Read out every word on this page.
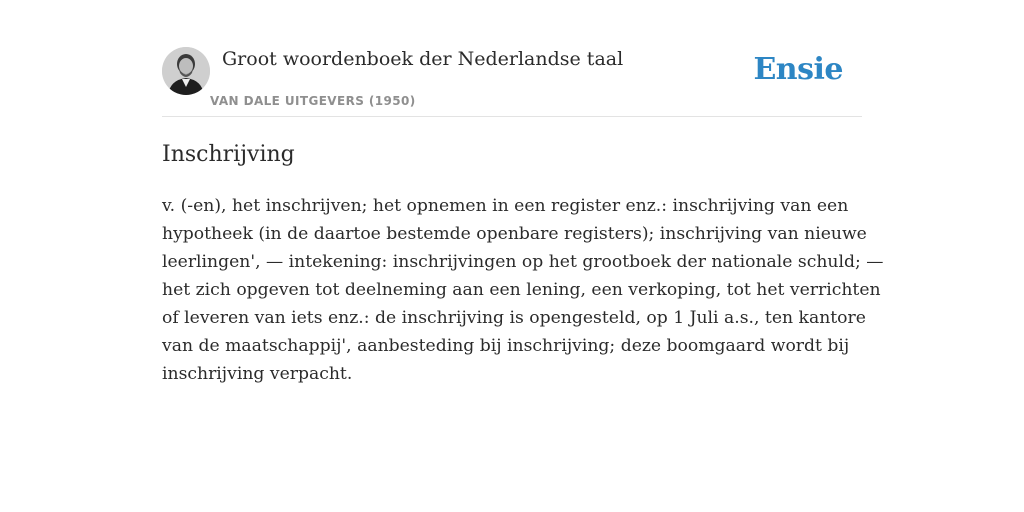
Groot woordenboek der Nederlandse taal
VAN DALE UITGEVERS (1950)
Ensie
Inschrijving

v. (-en), het inschrijven; het opnemen in een register enz.: inschrijving van een
hypotheek (in de daartoe bestemde openbare registers); inschrijving van nieuwe
leerlingen', — intekening: inschrijvingen op het grootboek der nationale schuld; —
het zich opgeven tot deelneming aan een lening, een verkoping, tot het verrichten
of leveren van iets enz.: de inschrijving is opengesteld, op 1 Juli a.s., ten kantore
van de maatschappij', aanbesteding bij inschrijving; deze boomgaard wordt bij
inschrijving verpacht.
